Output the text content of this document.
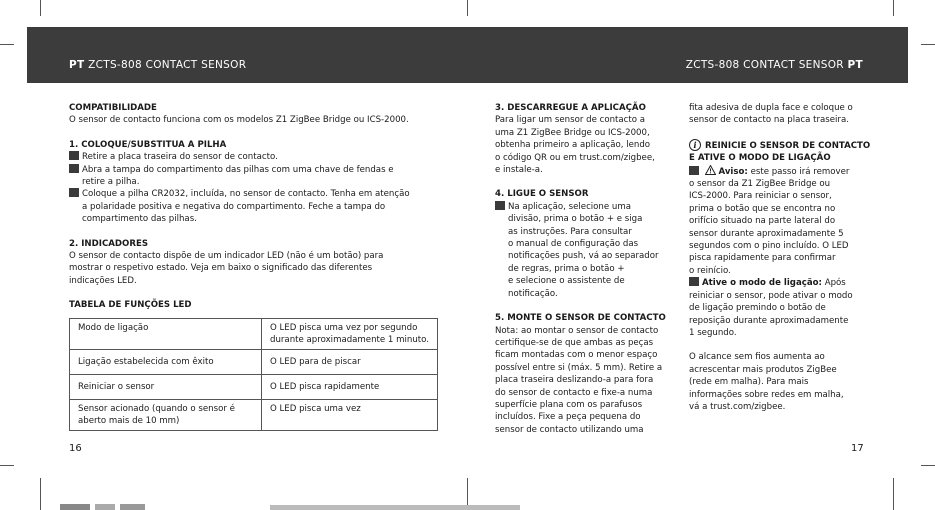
PT ZCTS-808 CONTACT SENSOR	ZCTS-808 CONTACT SENSOR PT

COMPATIBILIDADE

O sensor de contacto funciona com os modelos Z1 ZigBee Bridge ou ICS-2000.

1. COLOQUE/SUBSTITUA A PILHA

Retire a placa traseira do sensor de contacto.

Abra a tampa do compartimento das pilhas com uma chave de fendas e

retire a pilha.

Coloque a pilha CR2032, incluída, no sensor de contacto. Tenha em atenção

a polaridade positiva e negativa do compartimento. Feche a tampa do

compartimento das pilhas.

2. INDICADORES

O sensor de contacto dispõe de um indicador LED (não é um botão) para

mostrar o respetivo estado. Veja em baixo o significado das diferentes

indicações LED.

TABELA DE FUNÇÕES LED

Modo de ligação	O LED pisca uma vez por segundo
durante aproximadamente 1 minuto.

Ligação estabelecida com êxito	O LED para de piscar

Reiniciar o sensor	O LED pisca rapidamente

Sensor acionado (quando o sensor é
aberto mais de 10 mm)	O LED pisca uma vez
16

3. DESCARREGUE A APLICAÇÃO

Para ligar um sensor de contacto a

uma Z1 ZigBee Bridge ou ICS-2000,

obtenha primeiro a aplicação, lendo

o código QR ou em trust.com/zigbee,

e instale-a.

4. LIGUE O SENSOR

Na aplicação, selecione uma

divisão, prima o botão + e siga

as instruções. Para consultar

o manual de configuração das

notificações push, vá ao separador

de regras, prima o botão +

e selecione o assistente de

notificação.

5. MONTE O SENSOR DE CONTACTO

Nota: ao montar o sensor de contacto

certifique-se de que ambas as peças

ficam montadas com o menor espaço

possível entre si (máx. 5 mm). Retire a

placa traseira deslizando-a para fora

do sensor de contacto e fixe-a numa

superfície plana com os parafusos

incluídos. Fixe a peça pequena do

sensor de contacto utilizando uma

fita adesiva de dupla face e coloque o

sensor de contacto na placa traseira.

i REINICIE O SENSOR DE CONTACTO

E ATIVE O MODO DE LIGAÇÃO

Aviso: este passo irá remover

o sensor da Z1 ZigBee Bridge ou

ICS-2000. Para reiniciar o sensor,

prima o botão que se encontra no

orifício situado na parte lateral do

sensor durante aproximadamente 5

segundos com o pino incluído. O LED

pisca rapidamente para confirmar

o reinício.

Ative o modo de ligação: Após

reiniciar o sensor, pode ativar o modo

de ligação premindo o botão de

reposição durante aproximadamente

1 segundo.

O alcance sem fios aumenta ao

acrescentar mais produtos ZigBee

(rede em malha). Para mais

informações sobre redes em malha,

vá a trust.com/zigbee.

17
